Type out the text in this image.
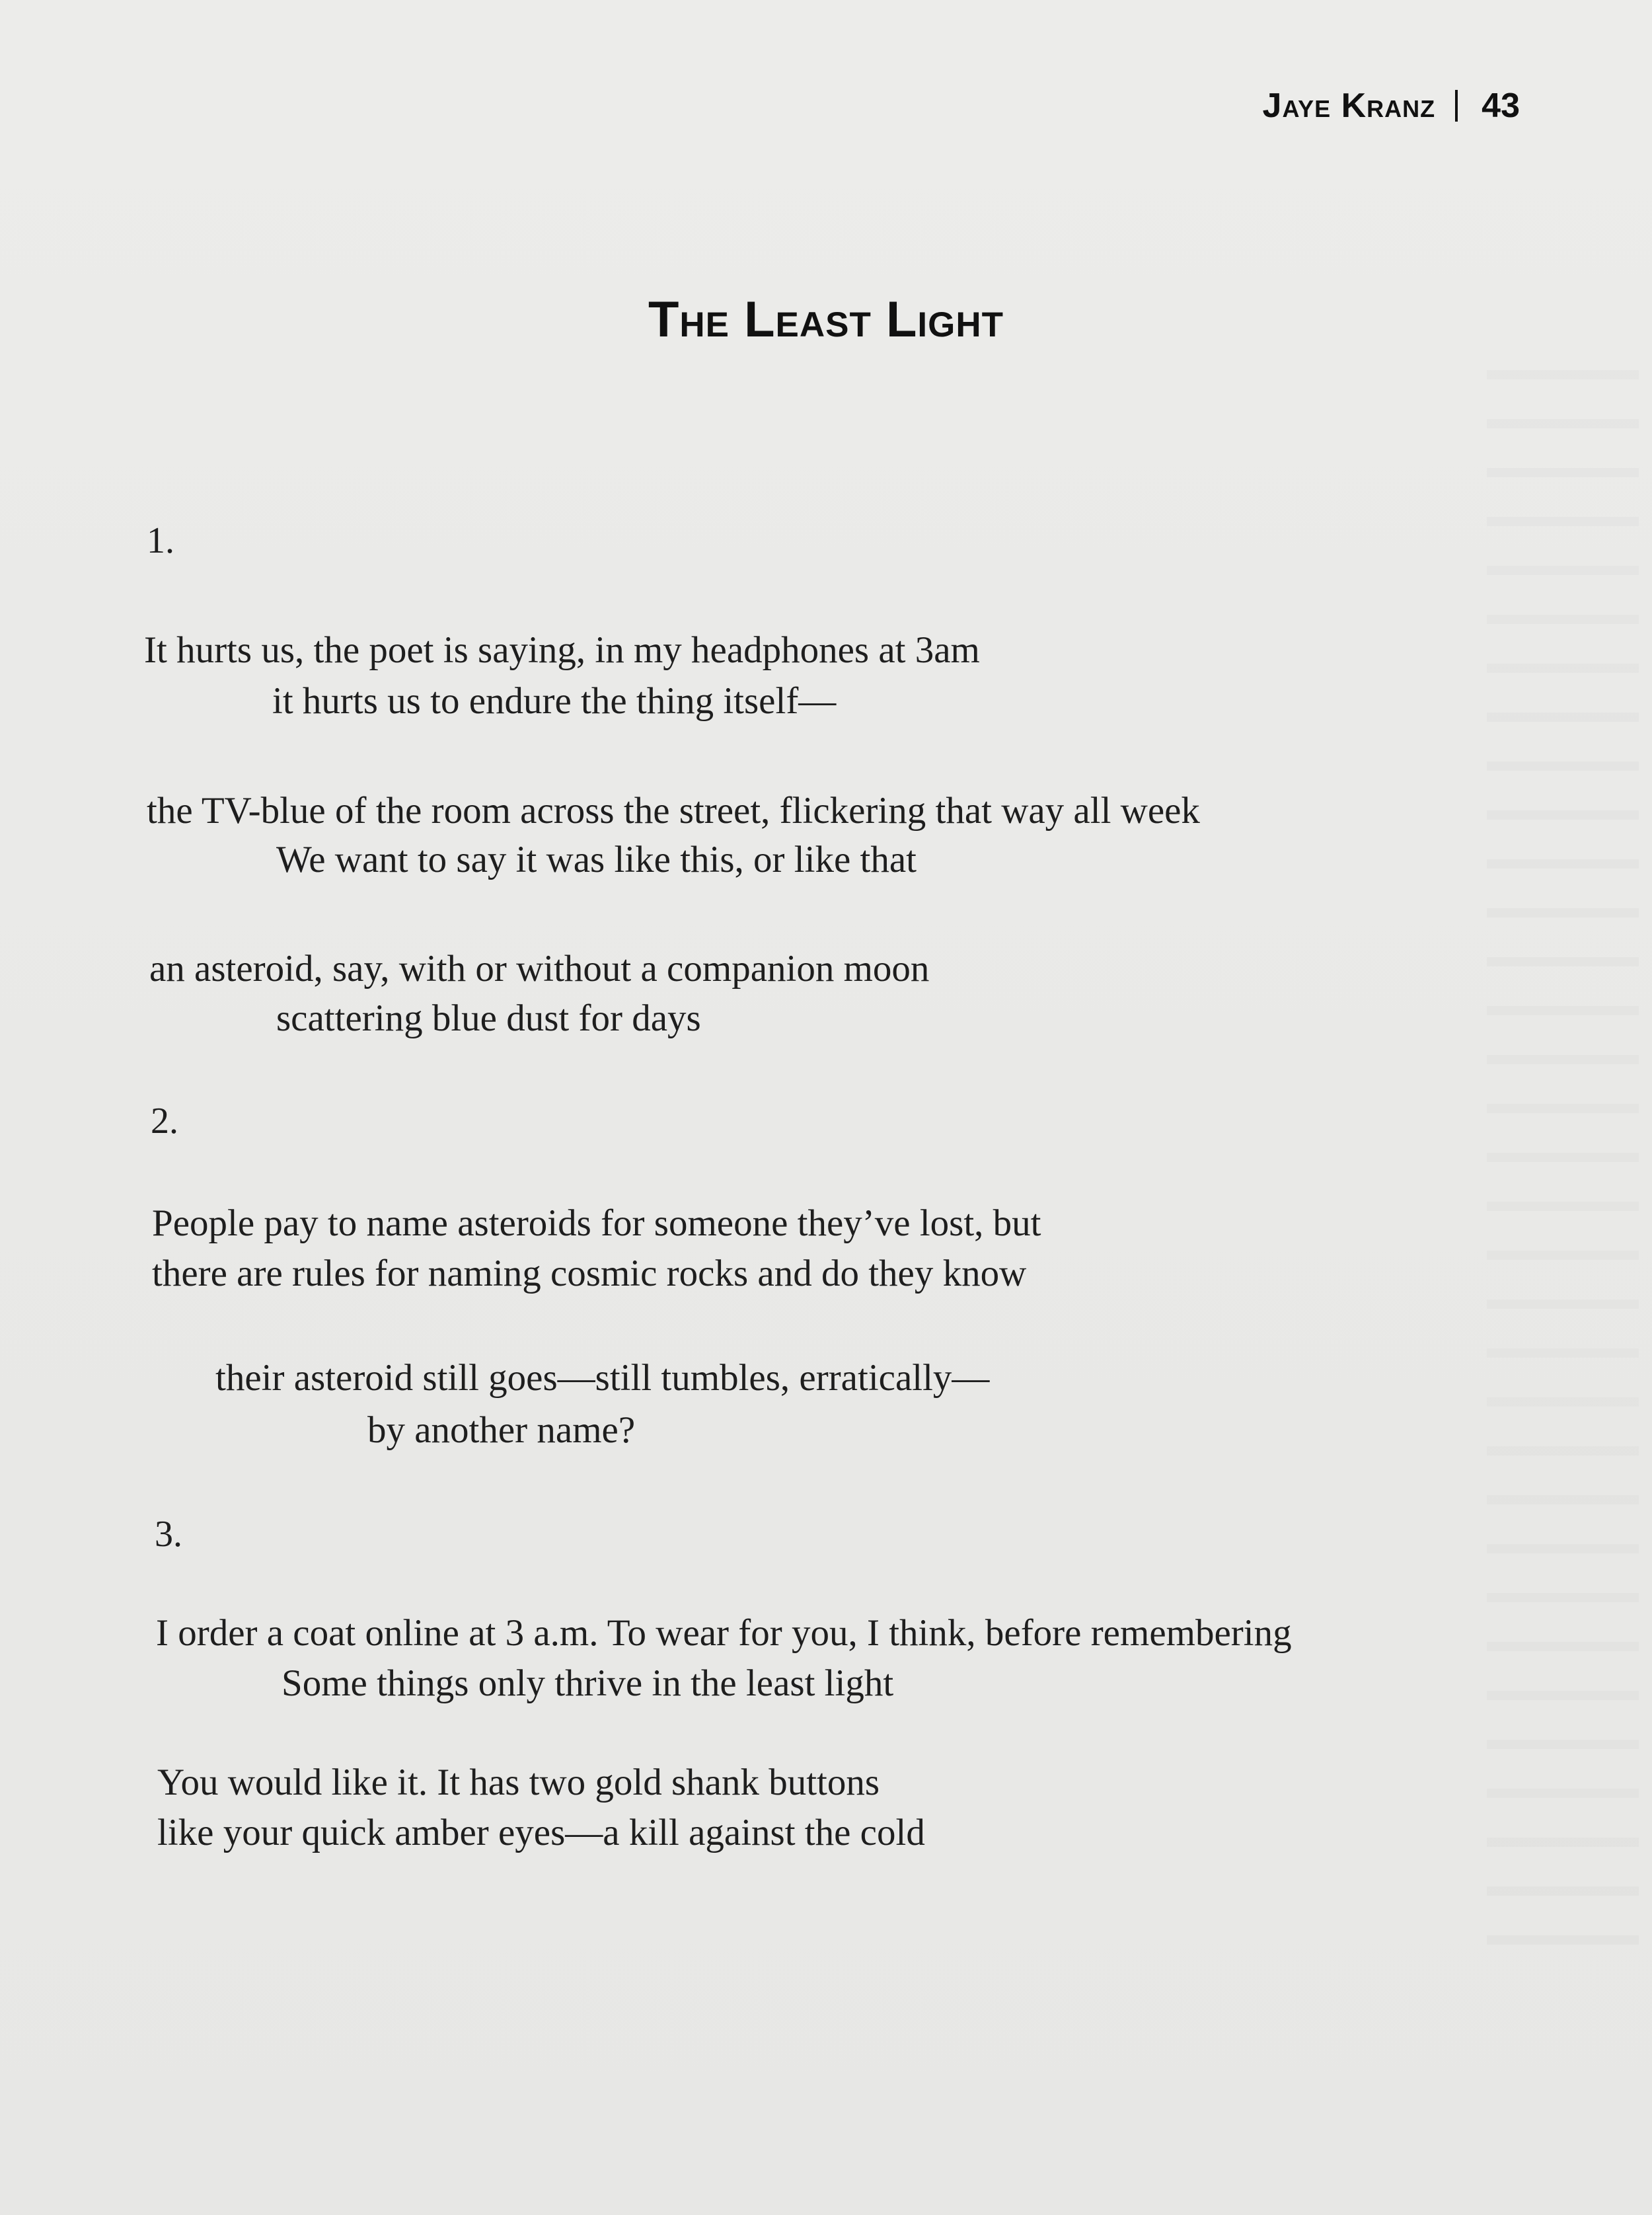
Jaye Kranz 43
The Least Light
1.
It hurts us, the poet is saying, in my headphones at 3am
it hurts us to endure the thing itself—
the TV-blue of the room across the street, flickering that way all week
We want to say it was like this, or like that
an asteroid, say, with or without a companion moon
scattering blue dust for days
2.
People pay to name asteroids for someone they’ve lost, but
there are rules for naming cosmic rocks and do they know
their asteroid still goes—still tumbles, erratically—
by another name?
3.
I order a coat online at 3 a.m. To wear for you, I think, before remembering
Some things only thrive in the least light
You would like it. It has two gold shank buttons
like your quick amber eyes—a kill against the cold
